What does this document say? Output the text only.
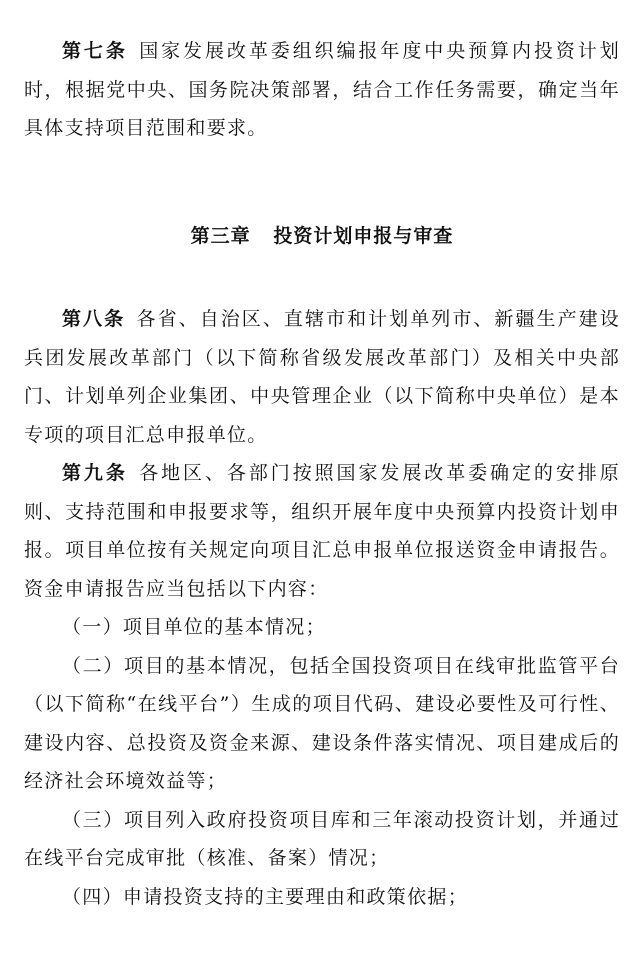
第七条 国家发展改革委组织编报年度中央预算内投资计划时，根据党中央、国务院决策部署，结合工作任务需要，确定当年具体支持项目范围和要求。

第三章 投资计划申报与审查

第八条 各省、自治区、直辖市和计划单列市、新疆生产建设兵团发展改革部门（以下简称省级发展改革部门）及相关中央部门、计划单列企业集团、中央管理企业（以下简称中央单位）是本专项的项目汇总申报单位。

第九条 各地区、各部门按照国家发展改革委确定的安排原则、支持范围和申报要求等，组织开展年度中央预算内投资计划申报。项目单位按有关规定向项目汇总申报单位报送资金申请报告。资金申请报告应当包括以下内容：

（一）项目单位的基本情况；

（二）项目的基本情况，包括全国投资项目在线审批监管平台（以下简称“在线平台”）生成的项目代码、建设必要性及可行性、建设内容、总投资及资金来源、建设条件落实情况、项目建成后的经济社会环境效益等；

（三）项目列入政府投资项目库和三年滚动投资计划，并通过在线平台完成审批（核准、备案）情况；

（四）申请投资支持的主要理由和政策依据；
